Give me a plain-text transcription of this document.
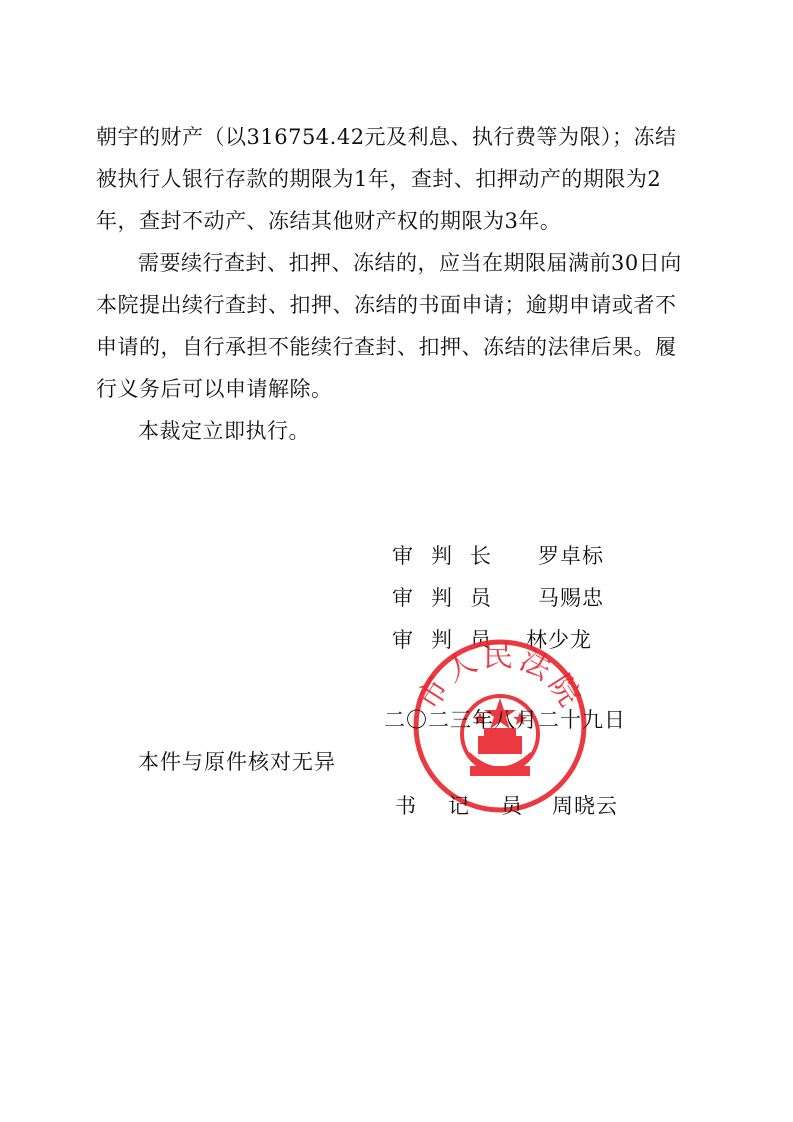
朝宇的财产（以316754.42元及利息、执行费等为限）；冻结被执行人银行存款的期限为1年，查封、扣押动产的期限为2年，查封不动产、冻结其他财产权的期限为3年。

需要续行查封、扣押、冻结的，应当在期限届满前30日向本院提出续行查封、扣押、冻结的书面申请；逾期申请或者不申请的，自行承担不能续行查封、扣押、冻结的法律后果。履行义务后可以申请解除。

本裁定立即执行。

审判长 罗卓标
审判员 马赐忠
审判员 林少龙
市人民法院
二〇二三年八月二十九日
本件与原件核对无异
书记员
周晓云
